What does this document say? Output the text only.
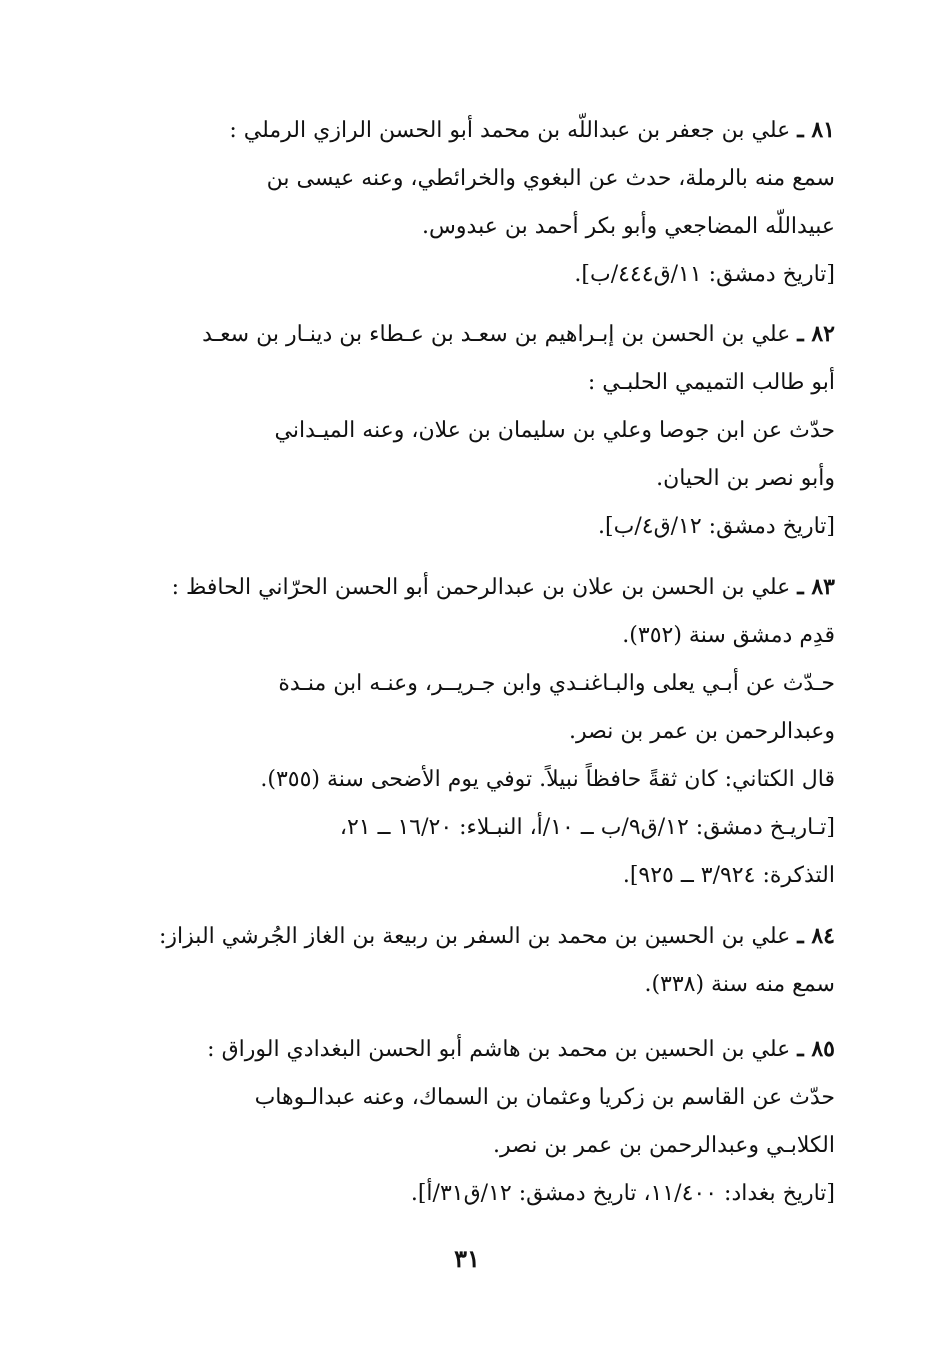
٨١ ـ علي بن جعفر بن عبداللّه بن محمد أبو الحسن الرازي الرملي :
سمع منه بالرملة، حدث عن البغوي والخرائطي، وعنه عيسى بن
عبيداللّه المضاجعي وأبو بكر أحمد بن عبدوس.
[تاريخ دمشق: ١١/ق٤٤٤/ب].
٨٢ ـ علي بن الحسن بن إبـراهيم بن سعـد بن عـطاء بن دينـار بن سعـد
أبو طالب التميمي الحلبـي :
حدّث عن ابن جوصا وعلي بن سليمان بن علان، وعنه الميـداني
وأبو نصر بن الحيان.
[تاريخ دمشق: ١٢/ق٤/ب].
٨٣ ـ علي بن الحسن بن علان بن عبدالرحمن أبو الحسن الحرّاني الحافظ :
قدِم دمشق سنة (٣٥٢).
حـدّث عن أبـي يعلى والبـاغنـدي وابن جـريــر، وعنـه ابن منـدة
وعبدالرحمن بن عمر بن نصر.
قال الكتاني: كان ثقةً حافظاً نبيلاً. توفي يوم الأضحى سنة (٣٥٥).
[تـاريـخ دمشق: ١٢/ق٩/ب ــ ١٠/أ، النبـلاء: ١٦/٢٠ ــ ٢١،
التذكرة: ٣/٩٢٤ ــ ٩٢٥].
٨٤ ـ علي بن الحسين بن محمد بن السفر بن ربيعة بن الغاز الجُرشي البزاز:
سمع منه سنة (٣٣٨).
٨٥ ـ علي بن الحسين بن محمد بن هاشم أبو الحسن البغدادي الوراق :
حدّث عن القاسم بن زكريا وعثمان بن السماك، وعنه عبدالـوهاب
الكلابـي وعبدالرحمن بن عمر بن نصر.
[تاريخ بغداد: ١١/٤٠٠، تاريخ دمشق: ١٢/ق٣١/أ].
٣١
